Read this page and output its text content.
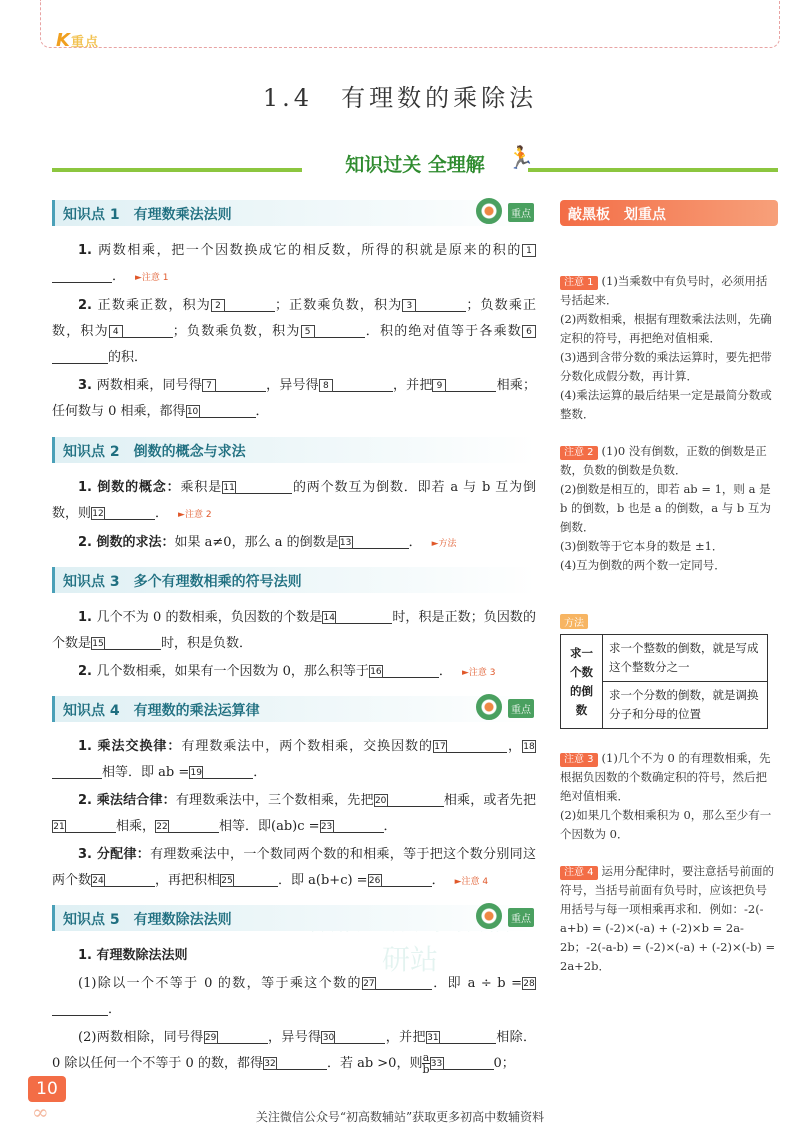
K重点
1.4　有理数的乘除法
知识过关 全理解	🏃
研站
知识点 1　有理数乘法法则	重点

1. 两数相乘，把一个因数换成它的相反数，所得的积就是原来的积的 1． ►注意 1

2. 正数乘正数，积为 2	；正数乘负数，积为 3	；负数乘正数，积为 4	；负数乘负数，积为 5	．积的绝对值等于各乘数 6的积．

3. 两数相乘，同号得 7	，异号得 8	，并把 9	相乘；任何数与 0 相乘，都得10	．

知识点 2　倒数的概念与求法

1. 倒数的概念：乘积是11	的两个数互为倒数．即若 a 与 b 互为倒数，则12	． ►注意 2

2. 倒数的求法：如果 a≠0，那么 a 的倒数是13	． ►方法

知识点 3　多个有理数相乘的符号法则

1. 几个不为 0 的数相乘，负因数的个数是14	时，积是正数；负因数的个数是15	时，积是负数．

2. 几个数相乘，如果有一个因数为 0，那么积等于16	． ►注意 3

知识点 4　有理数的乘法运算律	重点

1. 乘法交换律：有理数乘法中，两个数相乘，交换因数的17	，18相等．即 ab =19	．

2. 乘法结合律：有理数乘法中，三个数相乘，先把20	相乘，或者先把21	相乘，22	相等．即(ab)c =23	．

3. 分配律：有理数乘法中，一个数同两个数的和相乘，等于把这个数分别同这两个数24	，再把积相25	．即 a(b+c) =26	． ►注意 4

知识点 5　有理数除法法则	重点

1. 有理数除法法则

(1)除以一个不等于 0 的数，等于乘这个数的27	．即 a ÷ b =28．

(2)两数相除，同号得29	，异号得30	，并把31	相除．0 除以任何一个不等于 0 的数，都得32	．若 ab >0，则 $\frac{a}{b} 33$	0；

敲黑板　划重点
注意 1 (1)当乘数中有负号时，必须用括号括起来．
(2)两数相乘，根据有理数乘法法则，先确定积的符号，再把绝对值相乘．
(3)遇到含带分数的乘法运算时，要先把带分数化成假分数，再计算．
(4)乘法运算的最后结果一定是最简分数或整数．
注意 2 (1)0 没有倒数，正数的倒数是正数，负数的倒数是负数．
(2)倒数是相互的，即若 ab = 1，则 a 是 b 的倒数，b 也是 a 的倒数，a 与 b 互为倒数．
(3)倒数等于它本身的数是 ±1．
(4)互为倒数的两个数一定同号．
方法
求一个数的倒数	求一个整数的倒数，就是写成这个整数分之一
求一个分数的倒数，就是调换分子和分母的位置
注意 3 (1)几个不为 0 的有理数相乘，先根据负因数的个数确定积的符号，然后把绝对值相乘．
(2)如果几个数相乘积为 0，那么至少有一个因数为 0．
注意 4 运用分配律时，要注意括号前面的符号，当括号前面有负号时，应该把负号用括号与每一项相乘再求和．例如：-2(-a+b) = (-2)×(-a) + (-2)×b = 2a-2b；-2(-a-b) = (-2)×(-a) + (-2)×(-b) = 2a+2b．
10
∞	关注微信公众号“初高数辅站”获取更多初高中数辅资料
